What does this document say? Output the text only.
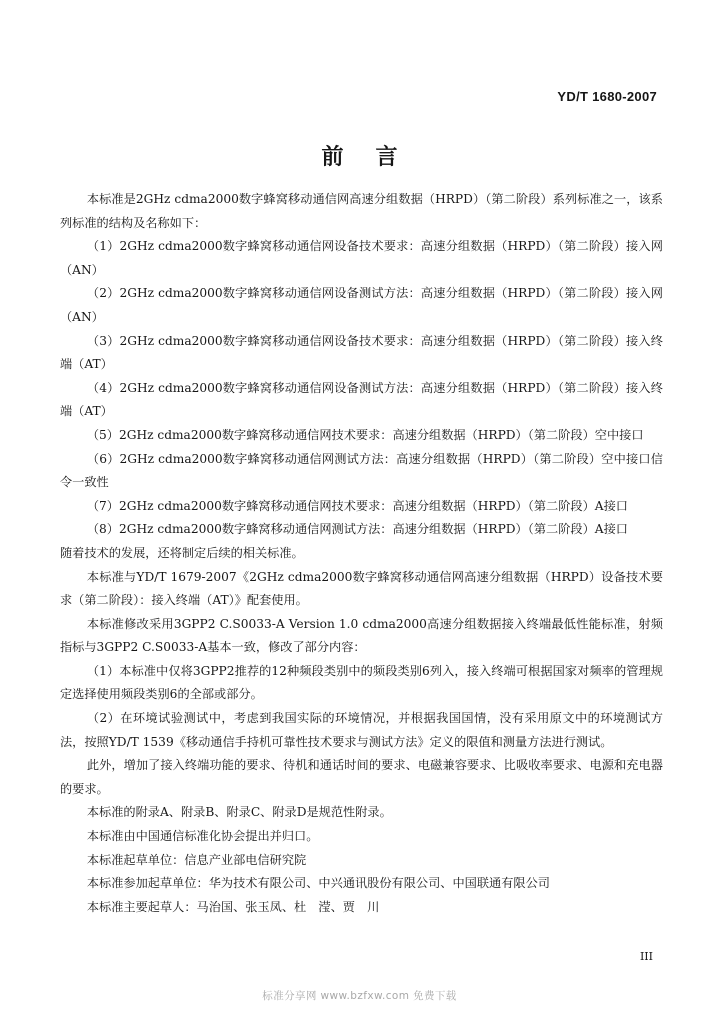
YD/T 1680-2007
前言

本标准是2GHz cdma2000数字蜂窝移动通信网高速分组数据（HRPD）（第二阶段）系列标准之一，该系列标准的结构及名称如下：

（1）2GHz cdma2000数字蜂窝移动通信网设备技术要求：高速分组数据（HRPD）（第二阶段）接入网（AN）

（2）2GHz cdma2000数字蜂窝移动通信网设备测试方法：高速分组数据（HRPD）（第二阶段）接入网（AN）

（3）2GHz cdma2000数字蜂窝移动通信网设备技术要求：高速分组数据（HRPD）（第二阶段）接入终端（AT）

（4）2GHz cdma2000数字蜂窝移动通信网设备测试方法：高速分组数据（HRPD）（第二阶段）接入终端（AT）

（5）2GHz cdma2000数字蜂窝移动通信网技术要求：高速分组数据（HRPD）（第二阶段）空中接口

（6）2GHz cdma2000数字蜂窝移动通信网测试方法：高速分组数据（HRPD）（第二阶段）空中接口信令一致性

（7）2GHz cdma2000数字蜂窝移动通信网技术要求：高速分组数据（HRPD）（第二阶段）A接口

（8）2GHz cdma2000数字蜂窝移动通信网测试方法：高速分组数据（HRPD）（第二阶段）A接口

随着技术的发展，还将制定后续的相关标准。

本标准与YD/T 1679-2007《2GHz cdma2000数字蜂窝移动通信网高速分组数据（HRPD）设备技术要求（第二阶段）：接入终端（AT）》配套使用。

本标准修改采用3GPP2 C.S0033-A Version 1.0 cdma2000高速分组数据接入终端最低性能标准，射频指标与3GPP2 C.S0033-A基本一致，修改了部分内容：

（1）本标准中仅将3GPP2推荐的12种频段类别中的频段类别6列入，接入终端可根据国家对频率的管理规定选择使用频段类别6的全部或部分。

（2）在环境试验测试中，考虑到我国实际的环境情况，并根据我国国情，没有采用原文中的环境测试方法，按照YD/T 1539《移动通信手持机可靠性技术要求与测试方法》定义的限值和测量方法进行测试。

此外，增加了接入终端功能的要求、待机和通话时间的要求、电磁兼容要求、比吸收率要求、电源和充电器的要求。

本标准的附录A、附录B、附录C、附录D是规范性附录。

本标准由中国通信标准化协会提出并归口。

本标准起草单位：信息产业部电信研究院

本标准参加起草单位：华为技术有限公司、中兴通讯股份有限公司、中国联通有限公司

本标准主要起草人：马治国、张玉凤、杜　滢、贾　川

III
标准分享网 www.bzfxw.com 免费下载
